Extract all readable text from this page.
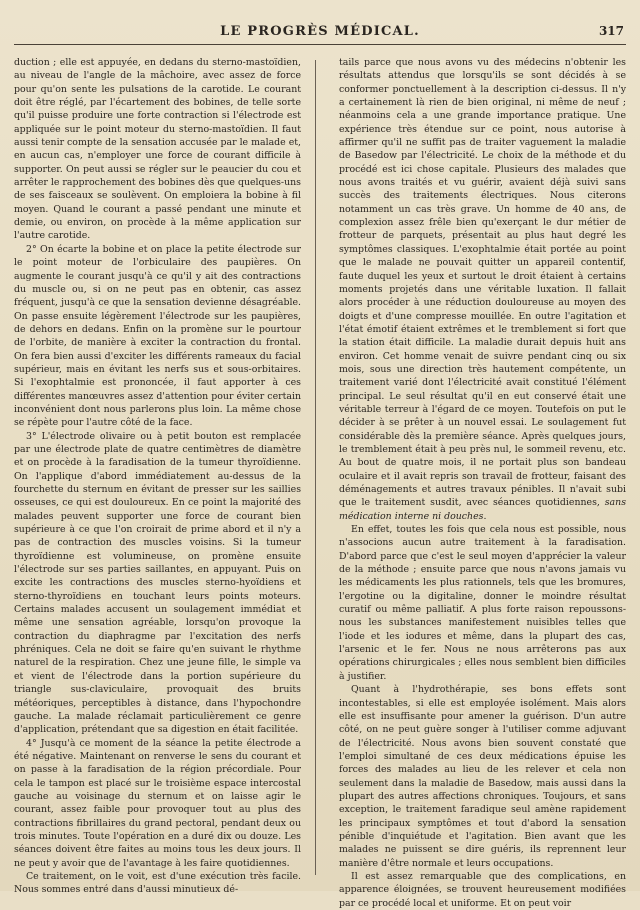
LE PROGRÈS MÉDICAL.	317

duction ; elle est appuyée, en dedans du sterno-mastoïdien, au niveau de l'angle de la mâchoire, avec assez de force pour qu'on sente les pulsations de la carotide. Le courant doit être réglé, par l'écartement des bobines, de telle sorte qu'il puisse produire une forte contraction si l'électrode est appliquée sur le point moteur du sterno-mastoïdien. Il faut aussi tenir compte de la sensation accusée par le malade et, en aucun cas, n'employer une force de courant difficile à supporter. On peut aussi se régler sur le peaucier du cou et arrêter le rapprochement des bobines dès que quelques-uns de ses faisceaux se soulèvent. On emploiera la bobine à fil moyen. Quand le courant a passé pendant une minute et demie, ou environ, on procède à la même application sur l'autre carotide.

2° On écarte la bobine et on place la petite électrode sur le point moteur de l'orbiculaire des paupières. On augmente le courant jusqu'à ce qu'il y ait des contractions du muscle ou, si on ne peut pas en obtenir, cas assez fréquent, jusqu'à ce que la sensation devienne désagréable. On passe ensuite légèrement l'électrode sur les paupières, de dehors en dedans. Enfin on la promène sur le pourtour de l'orbite, de manière à exciter la contraction du frontal. On fera bien aussi d'exciter les différents rameaux du facial supérieur, mais en évitant les nerfs sus et sous-orbitaires. Si l'exophtalmie est prononcée, il faut apporter à ces différentes manœuvres assez d'attention pour éviter certain inconvénient dont nous parlerons plus loin. La même chose se répète pour l'autre côté de la face.

3° L'électrode olivaire ou à petit bouton est remplacée par une électrode plate de quatre centimètres de diamètre et on procède à la faradisation de la tumeur thyroïdienne. On l'applique d'abord immédiatement au-dessus de la fourchette du sternum en évitant de presser sur les saillies osseuses, ce qui est douloureux. En ce point la majorité des malades peuvent supporter une force de courant bien supérieure à ce que l'on croirait de prime abord et il n'y a pas de contraction des muscles voisins. Si la tumeur thyroïdienne est volumineuse, on promène ensuite l'électrode sur ses parties saillantes, en appuyant. Puis on excite les contractions des muscles sterno-hyoïdiens et sterno-thyroïdiens en touchant leurs points moteurs. Certains malades accusent un soulagement immédiat et même une sensation agréable, lorsqu'on provoque la contraction du diaphragme par l'excitation des nerfs phréniques. Cela ne doit se faire qu'en suivant le rhythme naturel de la respiration. Chez une jeune fille, le simple va et vient de l'électrode dans la portion supérieure du triangle sus-claviculaire, provoquait des bruits météoriques, perceptibles à distance, dans l'hypochondre gauche. La malade réclamait particulièrement ce genre d'application, prétendant que sa digestion en était facilitée.

4° Jusqu'à ce moment de la séance la petite électrode a été négative. Maintenant on renverse le sens du courant et on passe à la faradisation de la région précordiale. Pour cela le tampon est placé sur le troisième espace intercostal gauche au voisinage du sternum et on laisse agir le courant, assez faible pour provoquer tout au plus des contractions fibrillaires du grand pectoral, pendant deux ou trois minutes. Toute l'opération en a duré dix ou douze. Les séances doivent être faites au moins tous les deux jours. Il ne peut y avoir que de l'avantage à les faire quotidiennes.

Ce traitement, on le voit, est d'une exécution très facile. Nous sommes entré dans d'aussi minutieux dé-

tails parce que nous avons vu des médecins n'obtenir les résultats attendus que lorsqu'ils se sont décidés à se conformer ponctuellement à la description ci-dessus. Il n'y a certainement là rien de bien original, ni même de neuf ; néanmoins cela a une grande importance pratique. Une expérience très étendue sur ce point, nous autorise à affirmer qu'il ne suffit pas de traiter vaguement la maladie de Basedow par l'électricité. Le choix de la méthode et du procédé est ici chose capitale. Plusieurs des malades que nous avons traités et vu guérir, avaient déjà suivi sans succès des traitements électriques. Nous citerons notamment un cas très grave. Un homme de 40 ans, de complexion assez frêle bien qu'exerçant le dur métier de frotteur de parquets, présentait au plus haut degré les symptômes classiques. L'exophtalmie était portée au point que le malade ne pouvait quitter un appareil contentif, faute duquel les yeux et surtout le droit étaient à certains moments projetés dans une véritable luxation. Il fallait alors procéder à une réduction douloureuse au moyen des doigts et d'une compresse mouillée. En outre l'agitation et l'état émotif étaient extrêmes et le tremblement si fort que la station était difficile. La maladie durait depuis huit ans environ. Cet homme venait de suivre pendant cinq ou six mois, sous une direction très hautement compétente, un traitement varié dont l'électricité avait constitué l'élément principal. Le seul résultat qu'il en eut conservé était une véritable terreur à l'égard de ce moyen. Toutefois on put le décider à se prêter à un nouvel essai. Le soulagement fut considérable dès la première séance. Après quelques jours, le tremblement était à peu près nul, le sommeil revenu, etc. Au bout de quatre mois, il ne portait plus son bandeau oculaire et il avait repris son travail de frotteur, faisant des déménagements et autres travaux pénibles. Il n'avait subi que le traitement susdit, avec séances quotidiennes, sans médication interne ni douches.

En effet, toutes les fois que cela nous est possible, nous n'associons aucun autre traitement à la faradisation. D'abord parce que c'est le seul moyen d'apprécier la valeur de la méthode ; ensuite parce que nous n'avons jamais vu les médicaments les plus rationnels, tels que les bromures, l'ergotine ou la digitaline, donner le moindre résultat curatif ou même palliatif. A plus forte raison repoussons-nous les substances manifestement nuisibles telles que l'iode et les iodures et même, dans la plupart des cas, l'arsenic et le fer. Nous ne nous arrêterons pas aux opérations chirurgicales ; elles nous semblent bien difficiles à justifier.

Quant à l'hydrothérapie, ses bons effets sont incontestables, si elle est employée isolément. Mais alors elle est insuffisante pour amener la guérison. D'un autre côté, on ne peut guère songer à l'utiliser comme adjuvant de l'électricité. Nous avons bien souvent constaté que l'emploi simultané de ces deux médications épuise les forces des malades au lieu de les relever et cela non seulement dans la maladie de Basedow, mais aussi dans la plupart des autres affections chroniques. Toujours, et sans exception, le traitement faradique seul amène rapidement les principaux symptômes et tout d'abord la sensation pénible d'inquiétude et l'agitation. Bien avant que les malades ne puissent se dire guéris, ils reprennent leur manière d'être normale et leurs occupations.

Il est assez remarquable que des complications, en apparence éloignées, se trouvent heureusement modifiées par ce procédé local et uniforme. Et on peut voir
